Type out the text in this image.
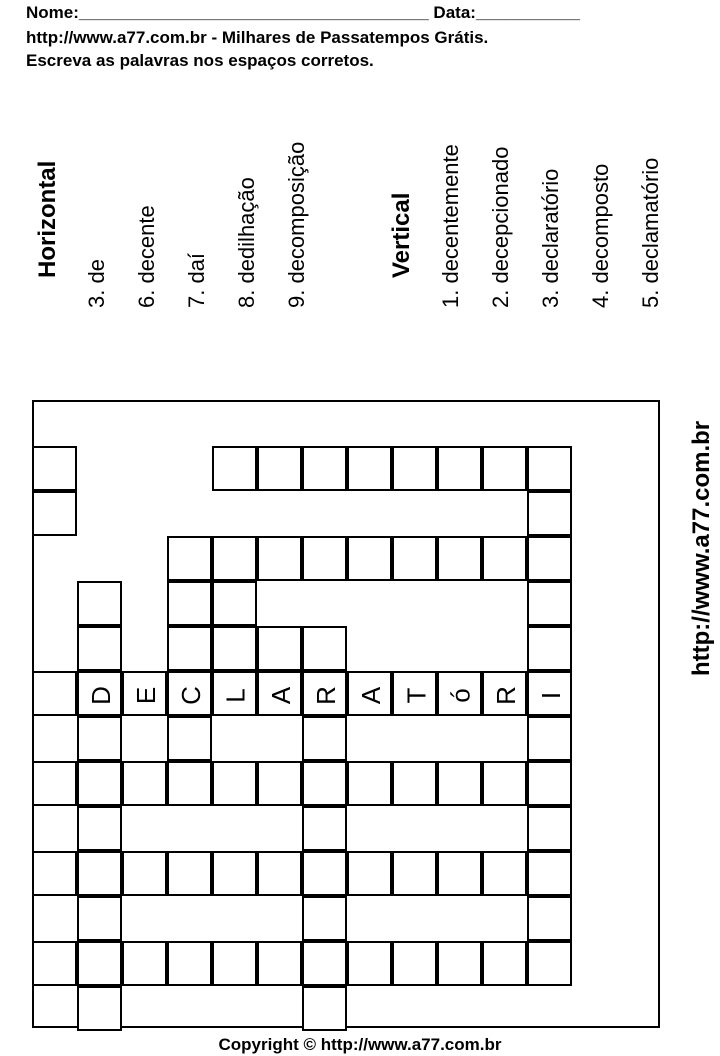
Nome:_____________________________________ Data:___________
http://www.a77.com.br - Milhares de Passatempos Grátis.
Escreva as palavras nos espaços corretos.
Horizontal
3. de 6. decente 7. daí 8. dedilhação 9. decomposição	Vertical 1. decentemente 2. decepcionado 3. declaratório 4. decomposto 5. declamatório
http://www.a77.com.br
Copyright © http://www.a77.com.br
D E C L A R A T ó R I
